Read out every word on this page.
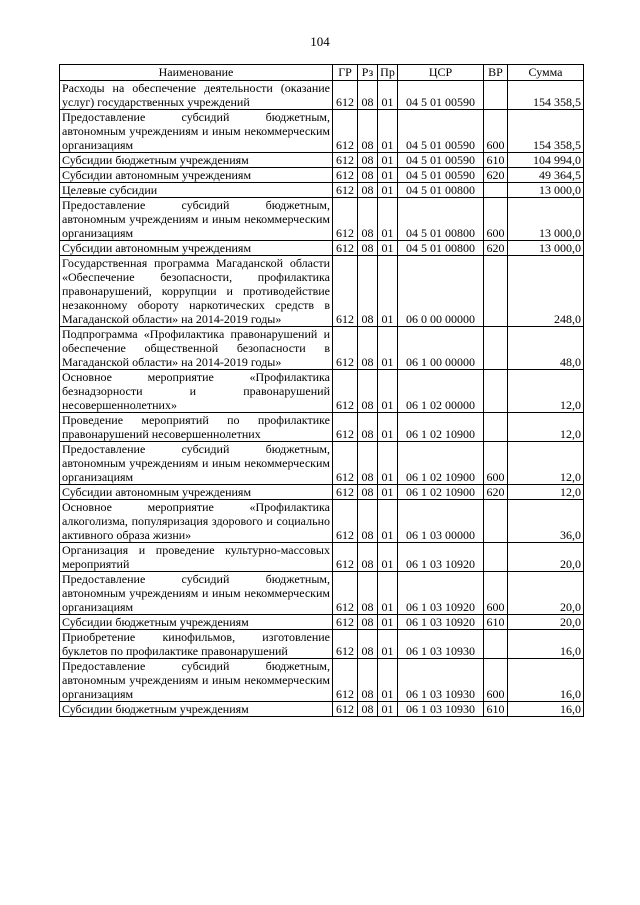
104
Наименование	ГР	Рз	Пр	ЦСР	ВР	Сумма
Расходы на обеспечение деятельности (оказание услуг) государственных учреждений	612	08	01	04 5 01 00590		154 358,5
Предоставление субсидий бюджетным, автономным учреждениям и иным некоммерческим организациям	612	08	01	04 5 01 00590	600	154 358,5
Субсидии бюджетным учреждениям	612	08	01	04 5 01 00590	610	104 994,0
Субсидии автономным учреждениям	612	08	01	04 5 01 00590	620	49 364,5
Целевые субсидии	612	08	01	04 5 01 00800		13 000,0
Предоставление субсидий бюджетным, автономным учреждениям и иным некоммерческим организациям	612	08	01	04 5 01 00800	600	13 000,0
Субсидии автономным учреждениям	612	08	01	04 5 01 00800	620	13 000,0
Государственная программа Магаданской области «Обеспечение безопасности, профилактика правонарушений, коррупции и противодействие незаконному обороту наркотических средств в Магаданской области» на 2014-2019 годы»	612	08	01	06 0 00 00000		248,0
Подпрограмма «Профилактика правонарушений и обеспечение общественной безопасности в Магаданской области» на 2014-2019 годы»	612	08	01	06 1 00 00000		48,0
Основное мероприятие «Профилактика безнадзорности и правонарушений несовершеннолетних»	612	08	01	06 1 02 00000		12,0
Проведение мероприятий по профилактике правонарушений несовершеннолетних	612	08	01	06 1 02 10900		12,0
Предоставление субсидий бюджетным, автономным учреждениям и иным некоммерческим организациям	612	08	01	06 1 02 10900	600	12,0
Субсидии автономным учреждениям	612	08	01	06 1 02 10900	620	12,0
Основное мероприятие «Профилактика алкоголизма, популяризация здорового и социально активного образа жизни»	612	08	01	06 1 03 00000		36,0
Организация и проведение культурно-массовых мероприятий	612	08	01	06 1 03 10920		20,0
Предоставление субсидий бюджетным, автономным учреждениям и иным некоммерческим организациям	612	08	01	06 1 03 10920	600	20,0
Субсидии бюджетным учреждениям	612	08	01	06 1 03 10920	610	20,0
Приобретение кинофильмов, изготовление буклетов по профилактике правонарушений	612	08	01	06 1 03 10930		16,0
Предоставление субсидий бюджетным, автономным учреждениям и иным некоммерческим организациям	612	08	01	06 1 03 10930	600	16,0
Субсидии бюджетным учреждениям	612	08	01	06 1 03 10930	610	16,0
